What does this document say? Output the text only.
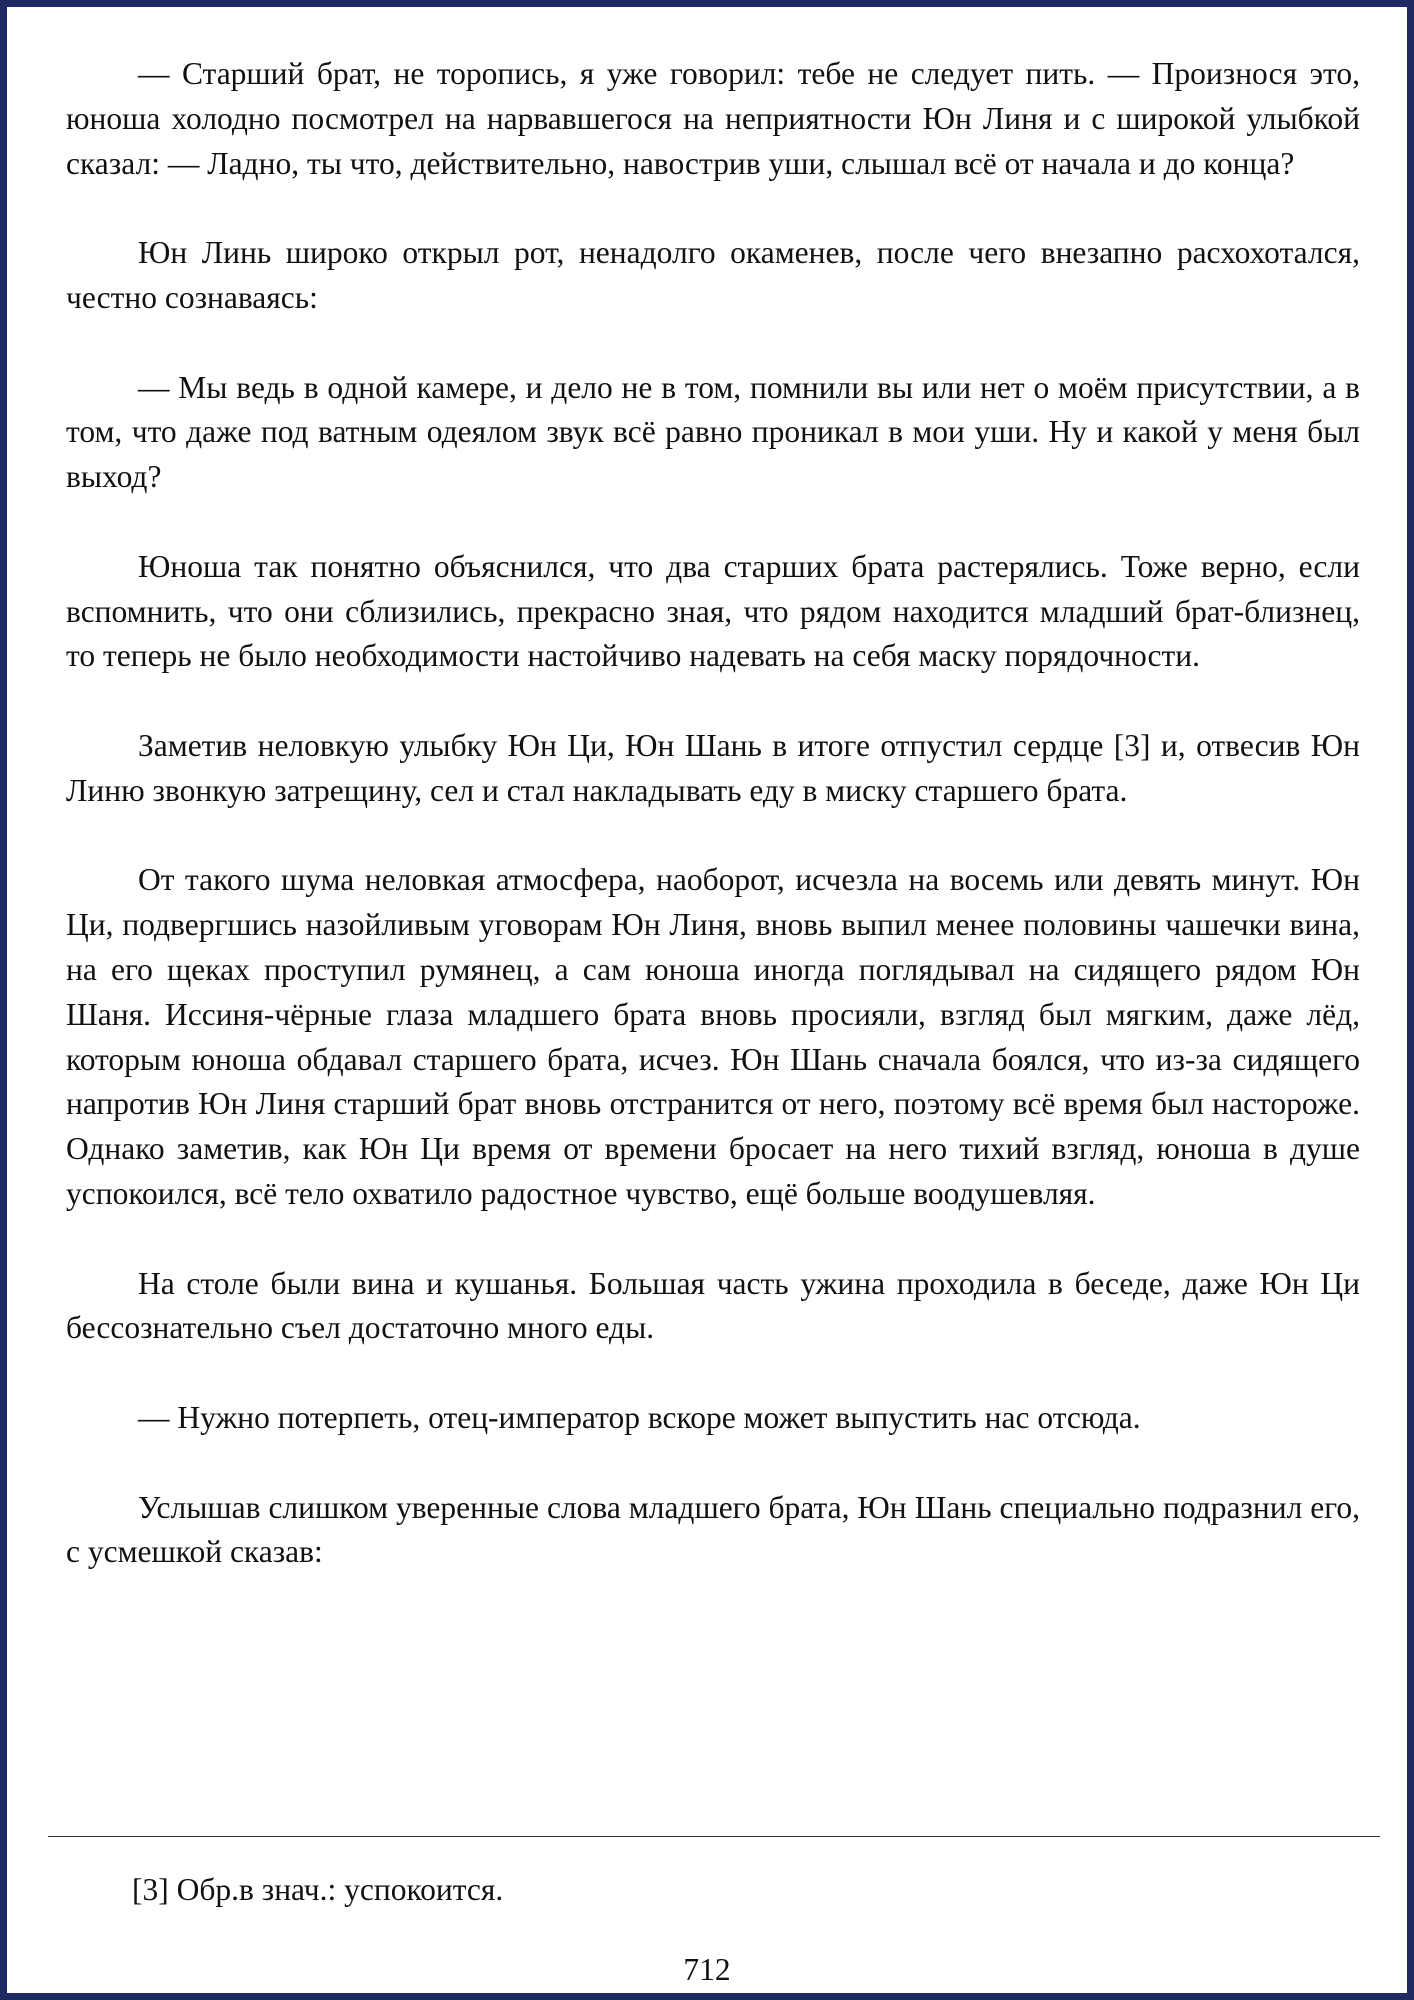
— Старший брат, не торопись, я уже говорил: тебе не следует пить. — Произнося это, юноша холодно посмотрел на нарвавшегося на неприятности Юн Линя и с широкой улыбкой сказал: — Ладно, ты что, действительно, навострив уши, слышал всё от начала и до конца?

Юн Линь широко открыл рот, ненадолго окаменев, после чего внезапно расхохотался, честно сознаваясь:

— Мы ведь в одной камере, и дело не в том, помнили вы или нет о моём присутствии, а в том, что даже под ватным одеялом звук всё равно проникал в мои уши. Ну и какой у меня был выход?

Юноша так понятно объяснился, что два старших брата растерялись. Тоже верно, если вспомнить, что они сблизились, прекрасно зная, что рядом находится младший брат-близнец, то теперь не было необходимости настойчиво надевать на себя маску порядочности.

Заметив неловкую улыбку Юн Ци, Юн Шань в итоге отпустил сердце [3] и, отвесив Юн Линю звонкую затрещину, сел и стал накладывать еду в миску старшего брата.

От такого шума неловкая атмосфера, наоборот, исчезла на восемь или девять минут. Юн Ци, подвергшись назойливым уговорам Юн Линя, вновь выпил менее половины чашечки вина, на его щеках проступил румянец, а сам юноша иногда поглядывал на сидящего рядом Юн Шаня. Иссиня-чёрные глаза младшего брата вновь просияли, взгляд был мягким, даже лёд, которым юноша обдавал старшего брата, исчез. Юн Шань сначала боялся, что из-за сидящего напротив Юн Линя старший брат вновь отстранится от него, поэтому всё время был настороже. Однако заметив, как Юн Ци время от времени бросает на него тихий взгляд, юноша в душе успокоился, всё тело охватило радостное чувство, ещё больше воодушевляя.

На столе были вина и кушанья. Большая часть ужина проходила в беседе, даже Юн Ци бессознательно съел достаточно много еды.

— Нужно потерпеть, отец-император вскоре может выпустить нас отсюда.

Услышав слишком уверенные слова младшего брата, Юн Шань специально подразнил его, с усмешкой сказав:

[3] Обр.в знач.: успокоится.
712
